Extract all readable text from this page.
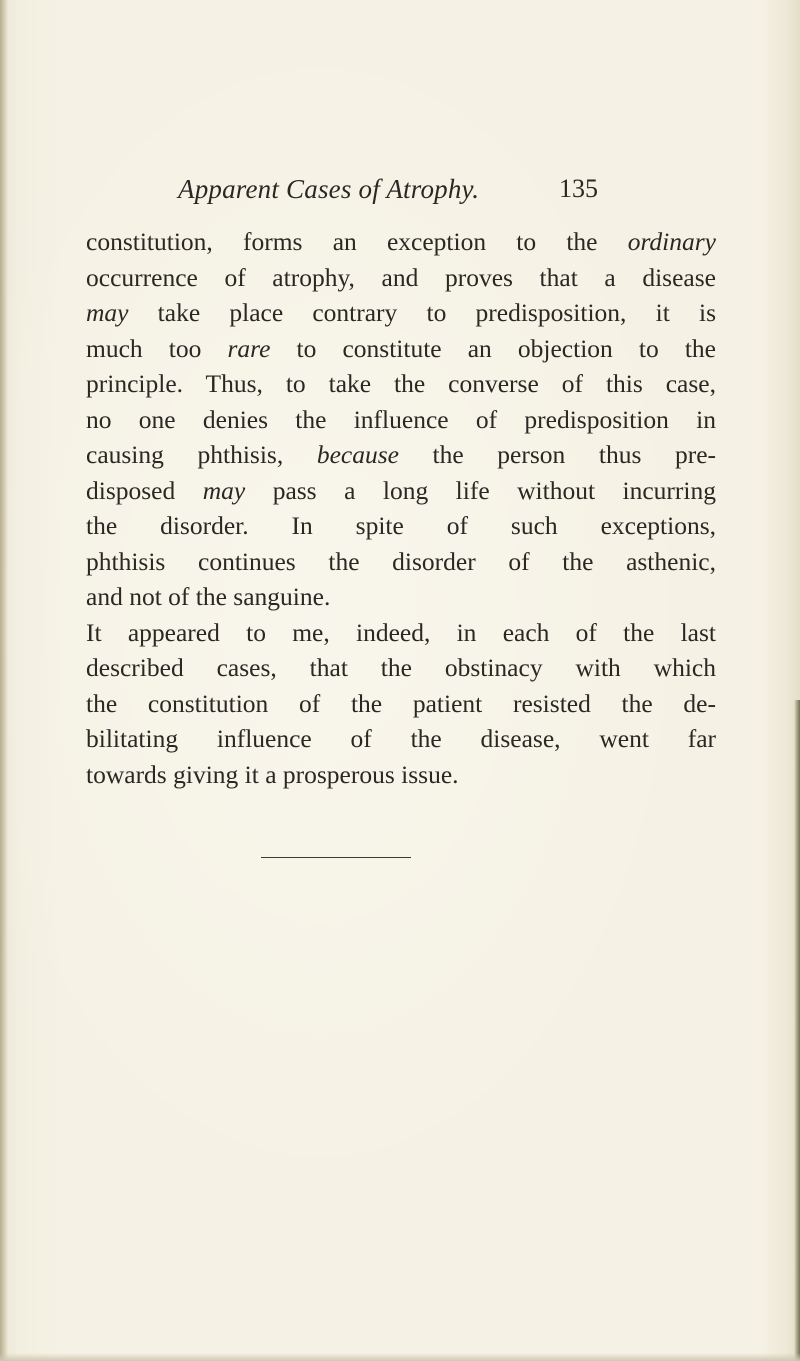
Apparent Cases of Atrophy.	135
constitution, forms an exception to the ordinary
occurrence of atrophy, and proves that a disease
may take place contrary to predisposition, it is
much too rare to constitute an objection to the
principle. Thus, to take the converse of this case,
no one denies the influence of predisposition in
causing phthisis, because the person thus pre-
disposed may pass a long life without incurring
the disorder. In spite of such exceptions,
phthisis continues the disorder of the asthenic,
and not of the sanguine.
It appeared to me, indeed, in each of the last
described cases, that the obstinacy with which
the constitution of the patient resisted the de-
bilitating influence of the disease, went far
towards giving it a prosperous issue.
